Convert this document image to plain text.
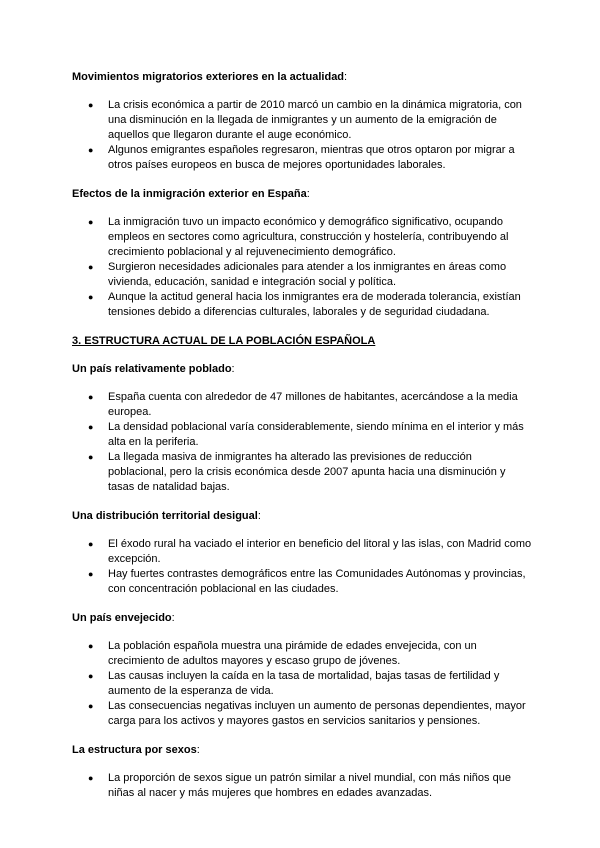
Movimientos migratorios exteriores en la actualidad:

● La crisis económica a partir de 2010 marcó un cambio en la dinámica migratoria, con una disminución en la llegada de inmigrantes y un aumento de la emigración de aquellos que llegaron durante el auge económico.
● Algunos emigrantes españoles regresaron, mientras que otros optaron por migrar a otros países europeos en busca de mejores oportunidades laborales.

Efectos de la inmigración exterior en España:

● La inmigración tuvo un impacto económico y demográfico significativo, ocupando empleos en sectores como agricultura, construcción y hostelería, contribuyendo al crecimiento poblacional y al rejuvenecimiento demográfico.
● Surgieron necesidades adicionales para atender a los inmigrantes en áreas como vivienda, educación, sanidad e integración social y política.
● Aunque la actitud general hacia los inmigrantes era de moderada tolerancia, existían tensiones debido a diferencias culturales, laborales y de seguridad ciudadana.

3. ESTRUCTURA ACTUAL DE LA POBLACIÓN ESPAÑOLA

Un país relativamente poblado:

● España cuenta con alrededor de 47 millones de habitantes, acercándose a la media europea.
● La densidad poblacional varía considerablemente, siendo mínima en el interior y más alta en la periferia.
● La llegada masiva de inmigrantes ha alterado las previsiones de reducción poblacional, pero la crisis económica desde 2007 apunta hacia una disminución y tasas de natalidad bajas.

Una distribución territorial desigual:

● El éxodo rural ha vaciado el interior en beneficio del litoral y las islas, con Madrid como excepción.
● Hay fuertes contrastes demográficos entre las Comunidades Autónomas y provincias, con concentración poblacional en las ciudades.

Un país envejecido:

● La población española muestra una pirámide de edades envejecida, con un crecimiento de adultos mayores y escaso grupo de jóvenes.
● Las causas incluyen la caída en la tasa de mortalidad, bajas tasas de fertilidad y aumento de la esperanza de vida.
● Las consecuencias negativas incluyen un aumento de personas dependientes, mayor carga para los activos y mayores gastos en servicios sanitarios y pensiones.

La estructura por sexos:

● La proporción de sexos sigue un patrón similar a nivel mundial, con más niños que niñas al nacer y más mujeres que hombres en edades avanzadas.
